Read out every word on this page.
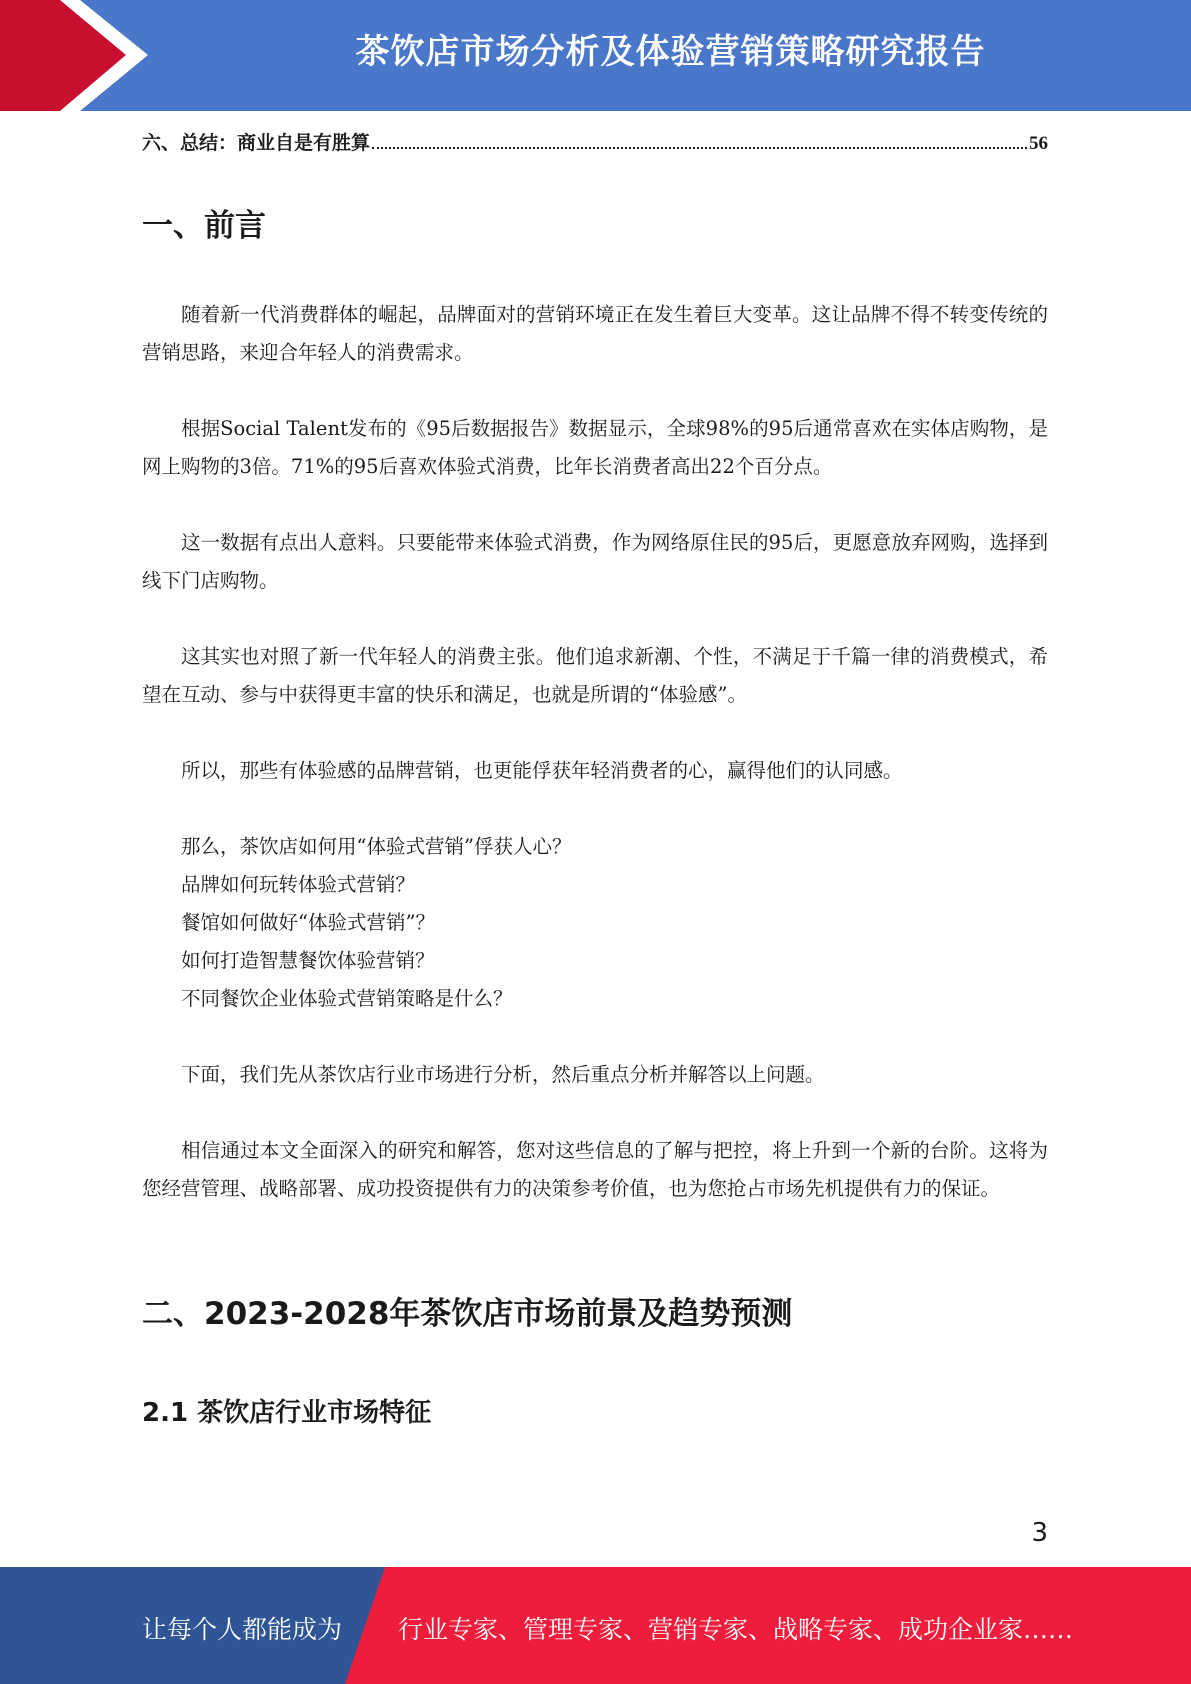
茶饮店市场分析及体验营销策略研究报告
六、总结：商业自是有胜算	56
一、前言

随着新一代消费群体的崛起，品牌面对的营销环境正在发生着巨大变革。这让品牌不得不转变传统的营销思路，来迎合年轻人的消费需求。

根据Social Talent发布的《95后数据报告》数据显示，全球98%的95后通常喜欢在实体店购物，是网上购物的3倍。71%的95后喜欢体验式消费，比年长消费者高出22个百分点。

这一数据有点出人意料。只要能带来体验式消费，作为网络原住民的95后，更愿意放弃网购，选择到线下门店购物。

这其实也对照了新一代年轻人的消费主张。他们追求新潮、个性，不满足于千篇一律的消费模式，希望在互动、参与中获得更丰富的快乐和满足，也就是所谓的“体验感”。

所以，那些有体验感的品牌营销，也更能俘获年轻消费者的心，赢得他们的认同感。

那么，茶饮店如何用“体验式营销”俘获人心？
品牌如何玩转体验式营销？
餐馆如何做好“体验式营销”？
如何打造智慧餐饮体验营销？
不同餐饮企业体验式营销策略是什么？

下面，我们先从茶饮店行业市场进行分析，然后重点分析并解答以上问题。

相信通过本文全面深入的研究和解答，您对这些信息的了解与把控，将上升到一个新的台阶。这将为您经营管理、战略部署、成功投资提供有力的决策参考价值，也为您抢占市场先机提供有力的保证。

二、2023-2028年茶饮店市场前景及趋势预测
2.1 茶饮店行业市场特征
3
让每个人都能成为 行业专家、管理专家、营销专家、战略专家、成功企业家……
